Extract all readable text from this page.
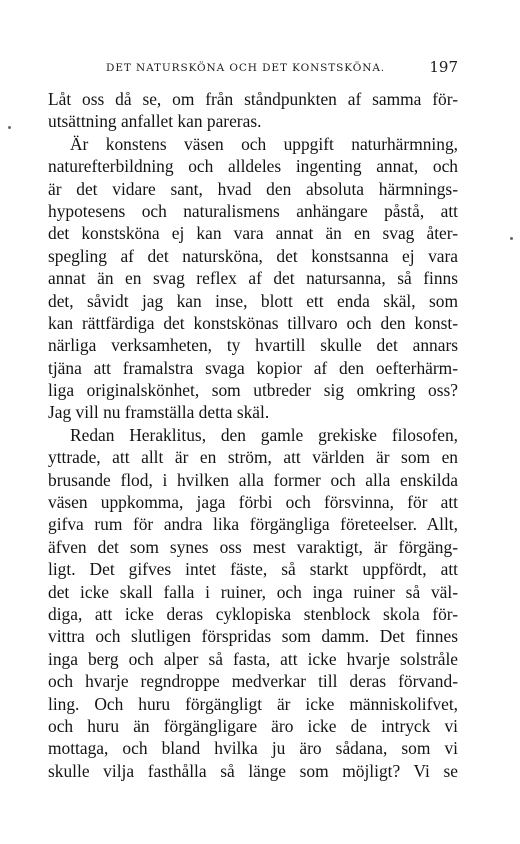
DET NATURSKÖNA OCH DET KONSTSKÖNA.	197
Låt oss då se, om från ståndpunkten af samma för-
utsättning anfallet kan pareras.
Är konstens väsen och uppgift naturhärmning,
naturefterbildning och alldeles ingenting annat, och
är det vidare sant, hvad den absoluta härmnings-
hypotesens och naturalismens anhängare påstå, att
det konstsköna ej kan vara annat än en svag åter-
spegling af det natursköna, det konstsanna ej vara
annat än en svag reflex af det natursanna, så finns
det, såvidt jag kan inse, blott ett enda skäl, som
kan rättfärdiga det konstskönas tillvaro och den konst-
närliga verksamheten, ty hvartill skulle det annars
tjäna att framalstra svaga kopior af den oefterhärm-
liga originalskönhet, som utbreder sig omkring oss?
Jag vill nu framställa detta skäl.
Redan Heraklitus, den gamle grekiske filosofen,
yttrade, att allt är en ström, att världen är som en
brusande flod, i hvilken alla former och alla enskilda
väsen uppkomma, jaga förbi och försvinna, för att
gifva rum för andra lika förgängliga företeelser. Allt,
äfven det som synes oss mest varaktigt, är förgäng-
ligt. Det gifves intet fäste, så starkt uppfördt, att
det icke skall falla i ruiner, och inga ruiner så väl-
diga, att icke deras cyklopiska stenblock skola för-
vittra och slutligen förspridas som damm. Det finnes
inga berg och alper så fasta, att icke hvarje solstråle
och hvarje regndroppe medverkar till deras förvand-
ling. Och huru förgängligt är icke människolifvet,
och huru än förgängligare äro icke de intryck vi
mottaga, och bland hvilka ju äro sådana, som vi
skulle vilja fasthålla så länge som möjligt? Vi se
